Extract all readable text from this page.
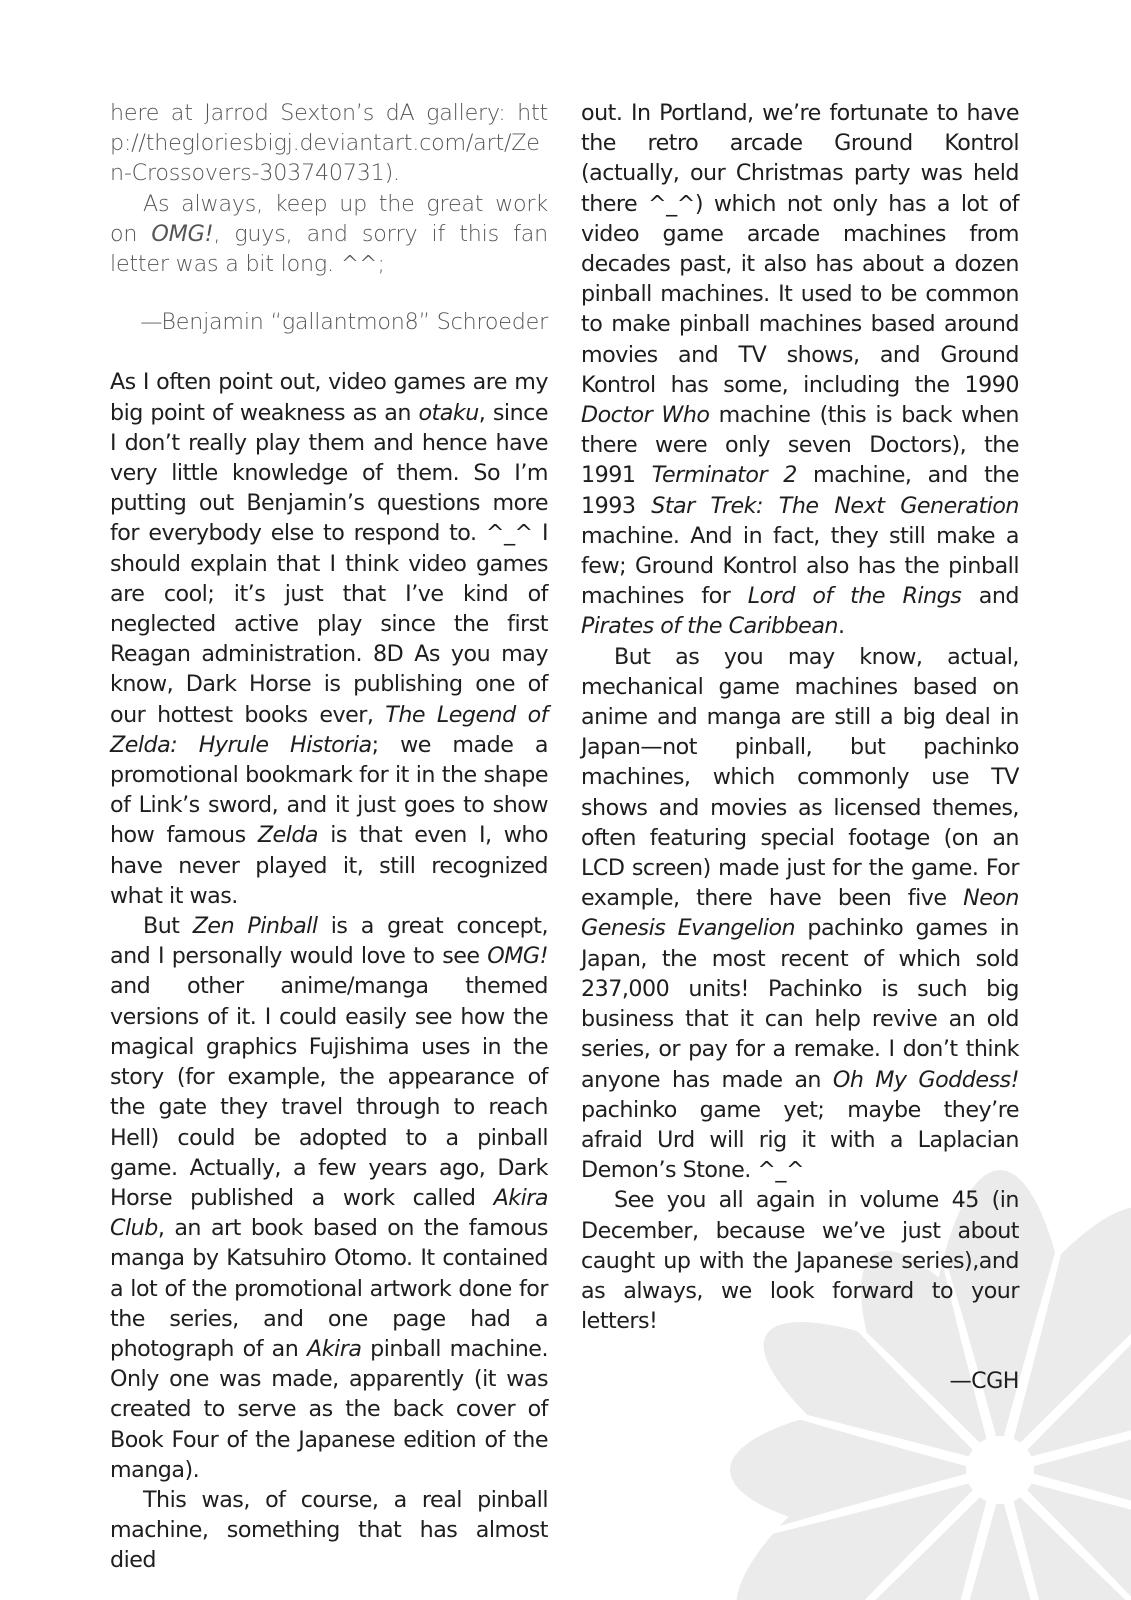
here at Jarrod Sexton’s dA gallery: http://thegloriesbigj.deviantart.com/art/Zen-Crossovers-303740731).

As always, keep up the great work on OMG!, guys, and sorry if this fan letter was a bit long. ^^;

—Benjamin “gallantmon8” Schroeder

As I often point out, video games are my big point of weakness as an otaku, since I don’t really play them and hence have very little knowledge of them. So I’m putting out Benjamin’s questions more for everybody else to respond to. ^_^ I should explain that I think video games are cool; it’s just that I’ve kind of neglected active play since the first Reagan administration. 8D As you may know, Dark Horse is publishing one of our hottest books ever, The Legend of Zelda: Hyrule Historia; we made a promotional bookmark for it in the shape of Link’s sword, and it just goes to show how famous Zelda is that even I, who have never played it, still recognized what it was.

But Zen Pinball is a great concept, and I personally would love to see OMG! and other anime/manga themed versions of it. I could easily see how the magical graphics Fujishima uses in the story (for example, the appearance of the gate they travel through to reach Hell) could be adopted to a pinball game. Actually, a few years ago, Dark Horse published a work called Akira Club, an art book based on the famous manga by Katsuhiro Otomo. It contained a lot of the promotional artwork done for the series, and one page had a photograph of an Akira pinball machine. Only one was made, apparently (it was created to serve as the back cover of Book Four of the Japanese edition of the manga).

This was, of course, a real pinball machine, something that has almost died

out. In Portland, we’re fortunate to have the retro arcade Ground Kontrol (actually, our Christmas party was held there ^_^) which not only has a lot of video game arcade machines from decades past, it also has about a dozen pinball machines. It used to be common to make pinball machines based around movies and TV shows, and Ground Kontrol has some, including the 1990 Doctor Who machine (this is back when there were only seven Doctors), the 1991 Terminator 2 machine, and the 1993 Star Trek: The Next Generation machine. And in fact, they still make a few; Ground Kontrol also has the pinball machines for Lord of the Rings and Pirates of the Caribbean.

But as you may know, actual, mechanical game machines based on anime and manga are still a big deal in Japan—not pinball, but pachinko machines, which commonly use TV shows and movies as licensed themes, often featuring special footage (on an LCD screen) made just for the game. For example, there have been five Neon Genesis Evangelion pachinko games in Japan, the most recent of which sold 237,000 units! Pachinko is such big business that it can help revive an old series, or pay for a remake. I don’t think anyone has made an Oh My Goddess! pachinko game yet; maybe they’re afraid Urd will rig it with a Laplacian Demon’s Stone. ^_^

See you all again in volume 45 (in December, because we’ve just about caught up with the Japanese series),and as always, we look forward to your letters!

—CGH
